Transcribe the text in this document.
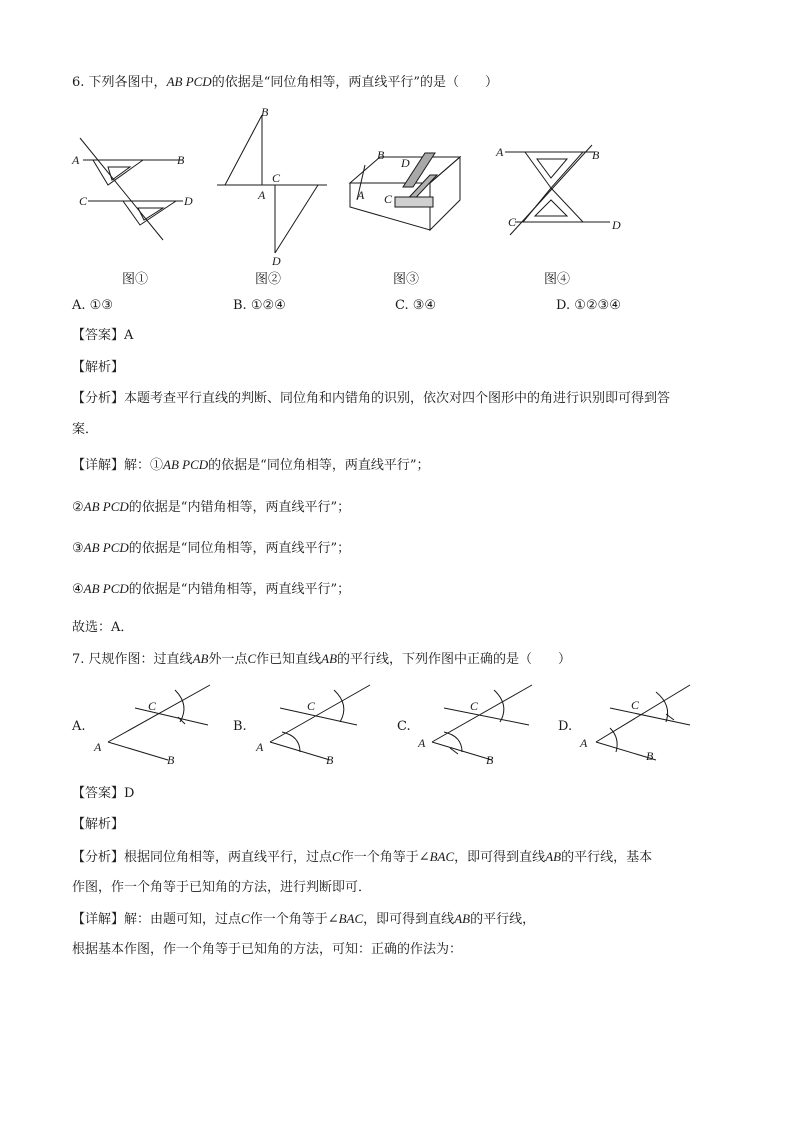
6. 下列各图中，AB PCD的依据是“同位角相等，两直线平行”的是（　　）
A	B
C	D
图①
B
C
A
D
图②
B
D
A C
图③
A	B
C	D
图④
A. ①③	B. ①②④	C. ③④	D. ①②③④
【答案】A
【解析】
【分析】本题考查平行直线的判断、同位角和内错角的识别，依次对四个图形中的角进行识别即可得到答
案．
【详解】解：①AB PCD的依据是“同位角相等，两直线平行”；
②AB PCD的依据是“内错角相等，两直线平行”；
③AB PCD的依据是“同位角相等，两直线平行”；
④AB PCD的依据是“内错角相等，两直线平行”；
故选：A．
7. 尺规作图：过直线AB外一点C作已知直线AB的平行线，下列作图中正确的是（　　）
A.
C
A
B
B.
C
A
B
C.
C
A
B
D.
C
A
B
【答案】D
【解析】
【分析】根据同位角相等，两直线平行，过点C作一个角等于∠BAC，即可得到直线AB的平行线，基本
作图，作一个角等于已知角的方法，进行判断即可．
【详解】解：由题可知，过点C作一个角等于∠BAC，即可得到直线AB的平行线，
根据基本作图，作一个角等于已知角的方法，可知：正确的作法为：
